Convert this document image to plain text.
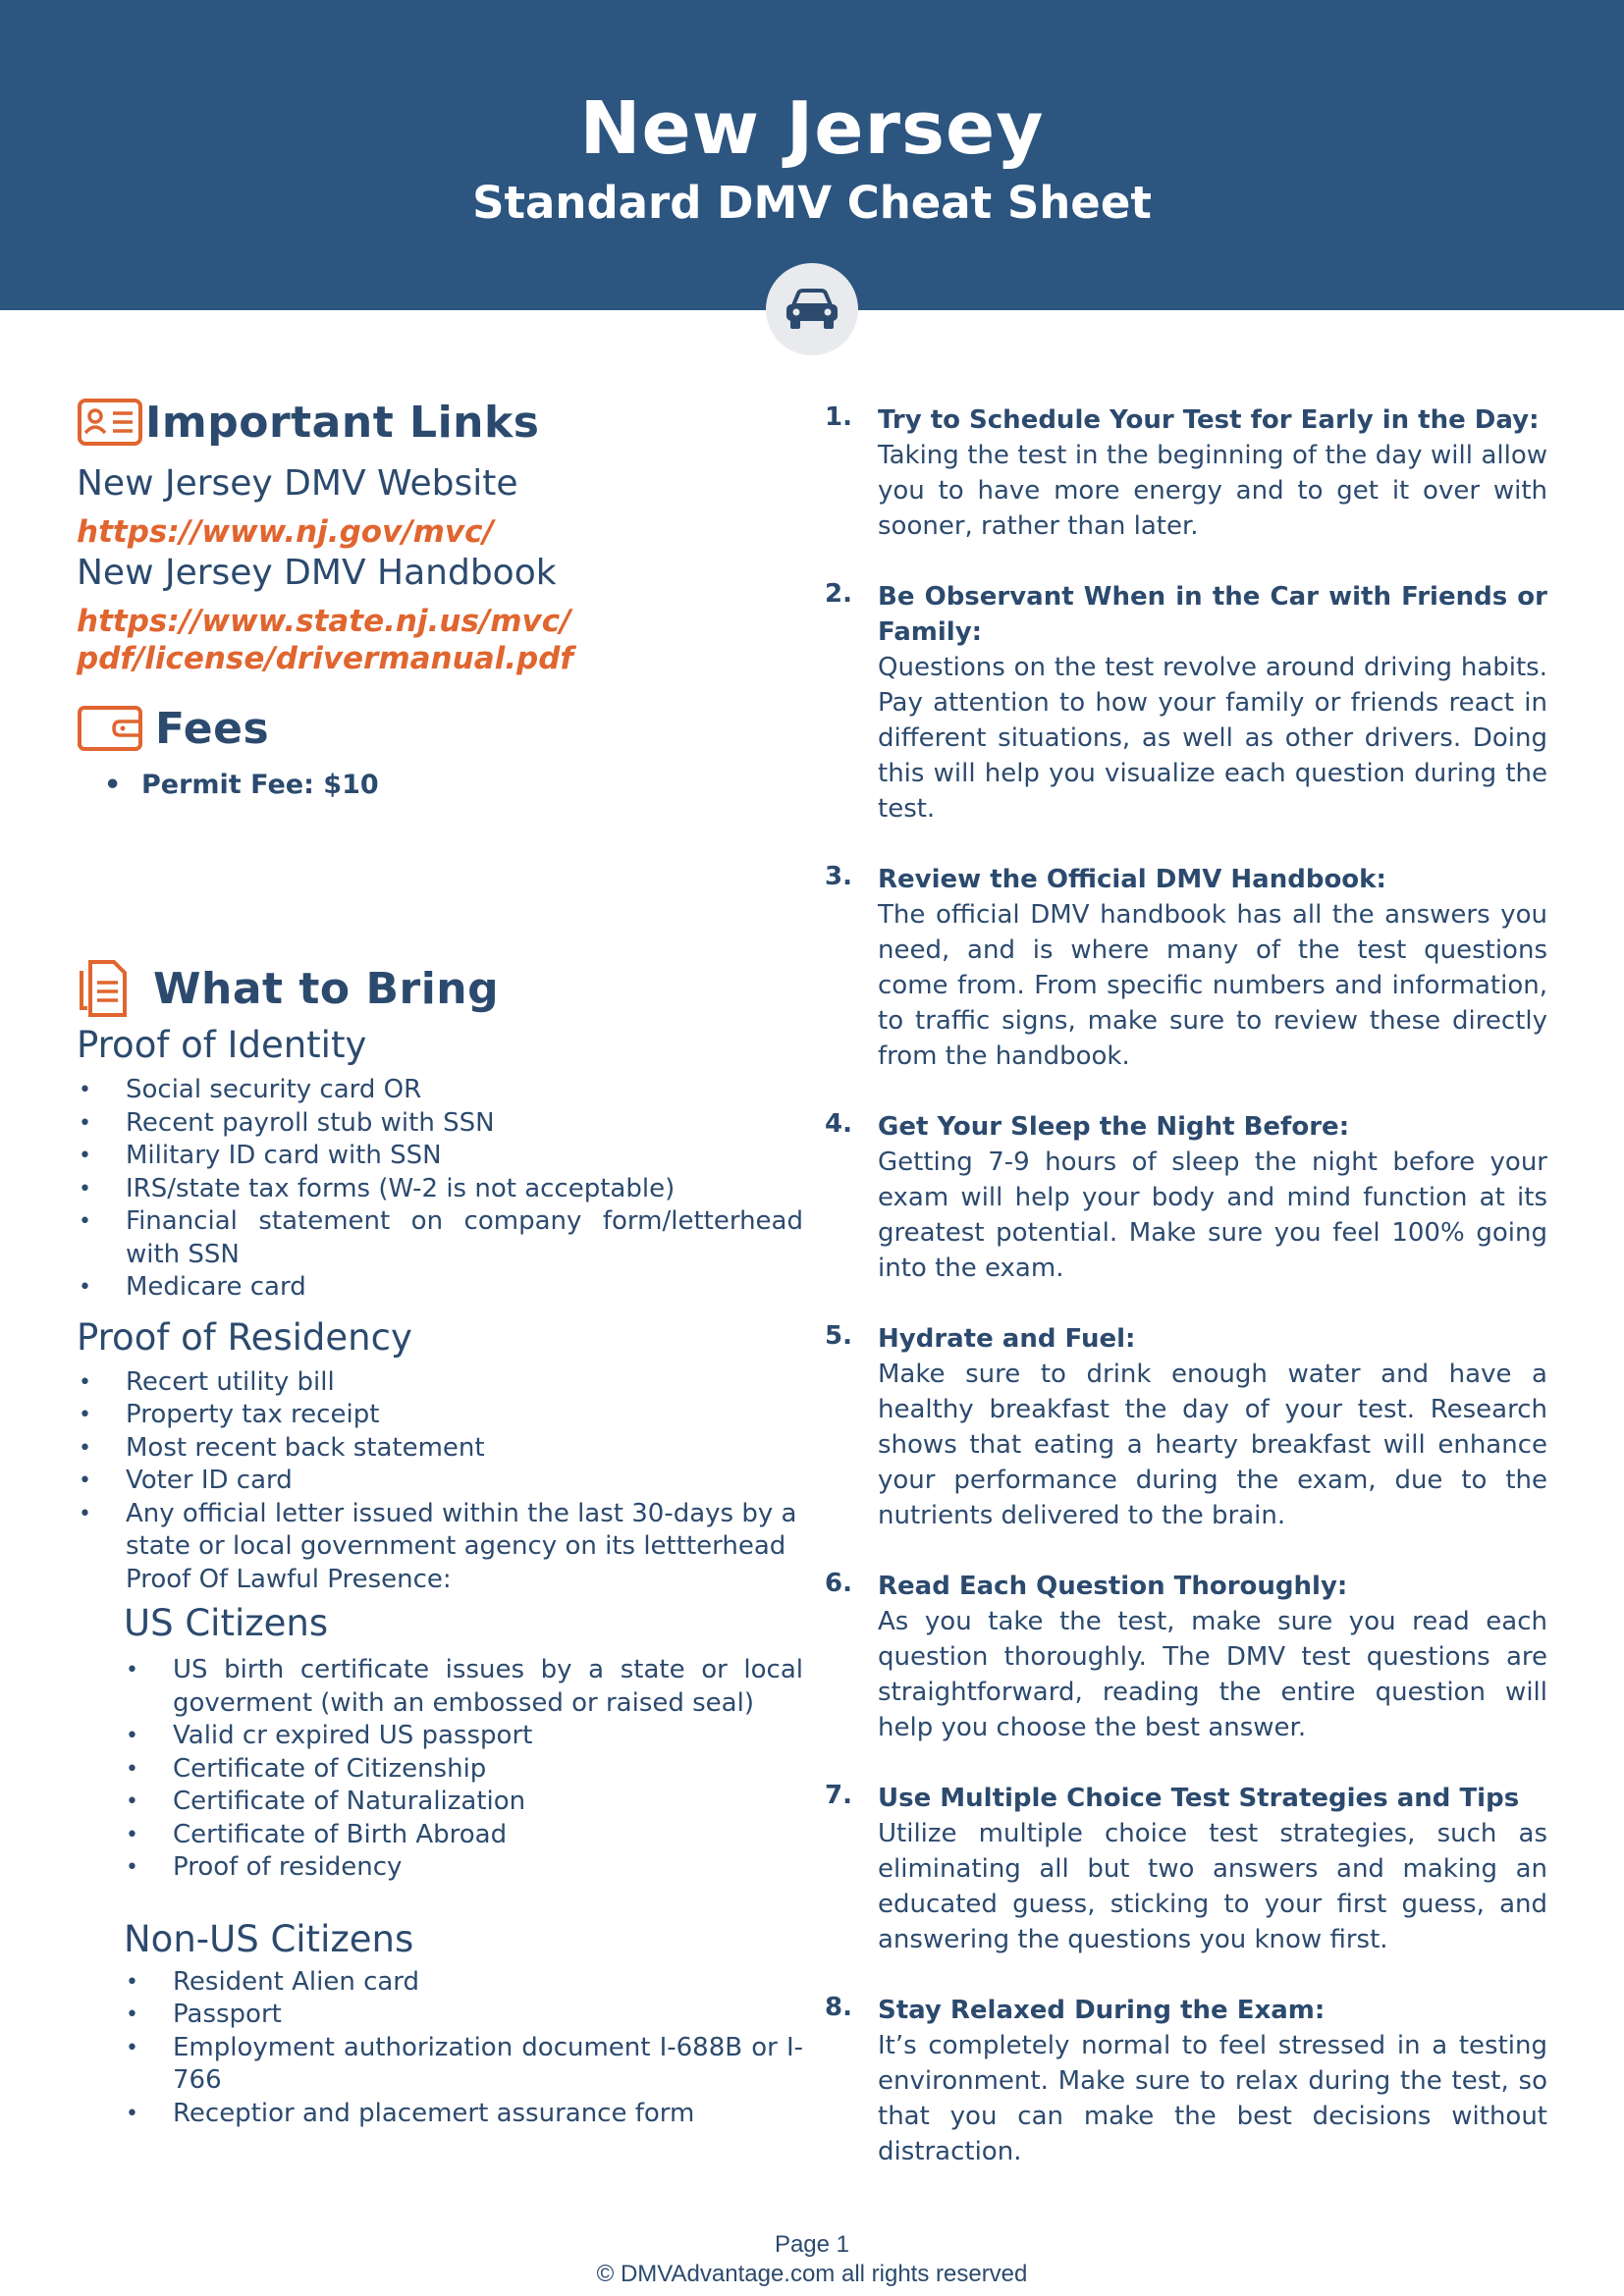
New Jersey
Standard DMV Cheat Sheet
Important Links
New Jersey DMV Website
https://www.nj.gov/mvc/
New Jersey DMV Handbook
https://www.state.nj.us/mvc/
pdf/license/drivermanual.pdf
Fees
• Permit Fee: $10
What to Bring
Proof of Identity
• Social security card OR
• Recent payroll stub with SSN
• Military ID card with SSN
• IRS/state tax forms (W-2 is not acceptable)
• Financial statement on company form/letterhead with SSN
• Medicare card
Proof of Residency
• Recert utility bill
• Property tax receipt
• Most recent back statement
• Voter ID card
• Any official letter issued within the last 30-days by a state or local government agency on its lettterhead Proof Of Lawful Presence:
US Citizens
• US birth certificate issues by a state or local goverment (with an embossed or raised seal)
• Valid cr expired US passport
• Certificate of Citizenship
• Certificate of Naturalization
• Certificate of Birth Abroad
• Proof of residency
Non-US Citizens
• Resident Alien card
• Passport
• Employment authorization document I-688B or I-766
• Receptior and placemert assurance form
1. Try to Schedule Your Test for Early in the Day:
Taking the test in the beginning of the day will allow you to have more energy and to get it over with sooner, rather than later.
2. Be Observant When in the Car with Friends or Family:
Questions on the test revolve around driving habits. Pay attention to how your family or friends react in different situations, as well as other drivers. Doing this will help you visualize each question during the test.
3. Review the Official DMV Handbook:
The official DMV handbook has all the answers you need, and is where many of the test questions come from. From specific numbers and information, to traffic signs, make sure to review these directly from the handbook.
4. Get Your Sleep the Night Before:
Getting 7-9 hours of sleep the night before your exam will help your body and mind function at its greatest potential. Make sure you feel 100% going into the exam.
5. Hydrate and Fuel:
Make sure to drink enough water and have a healthy breakfast the day of your test. Research shows that eating a hearty breakfast will enhance your performance during the exam, due to the nutrients delivered to the brain.
6. Read Each Question Thoroughly:
As you take the test, make sure you read each question thoroughly. The DMV test questions are straightforward, reading the entire question will help you choose the best answer.
7. Use Multiple Choice Test Strategies and Tips
Utilize multiple choice test strategies, such as eliminating all but two answers and making an educated guess, sticking to your first guess, and answering the questions you know first.
8. Stay Relaxed During the Exam:
It’s completely normal to feel stressed in a testing environment. Make sure to relax during the test, so that you can make the best decisions without distraction.
Page 1
© DMVAdvantage.com all rights reserved
